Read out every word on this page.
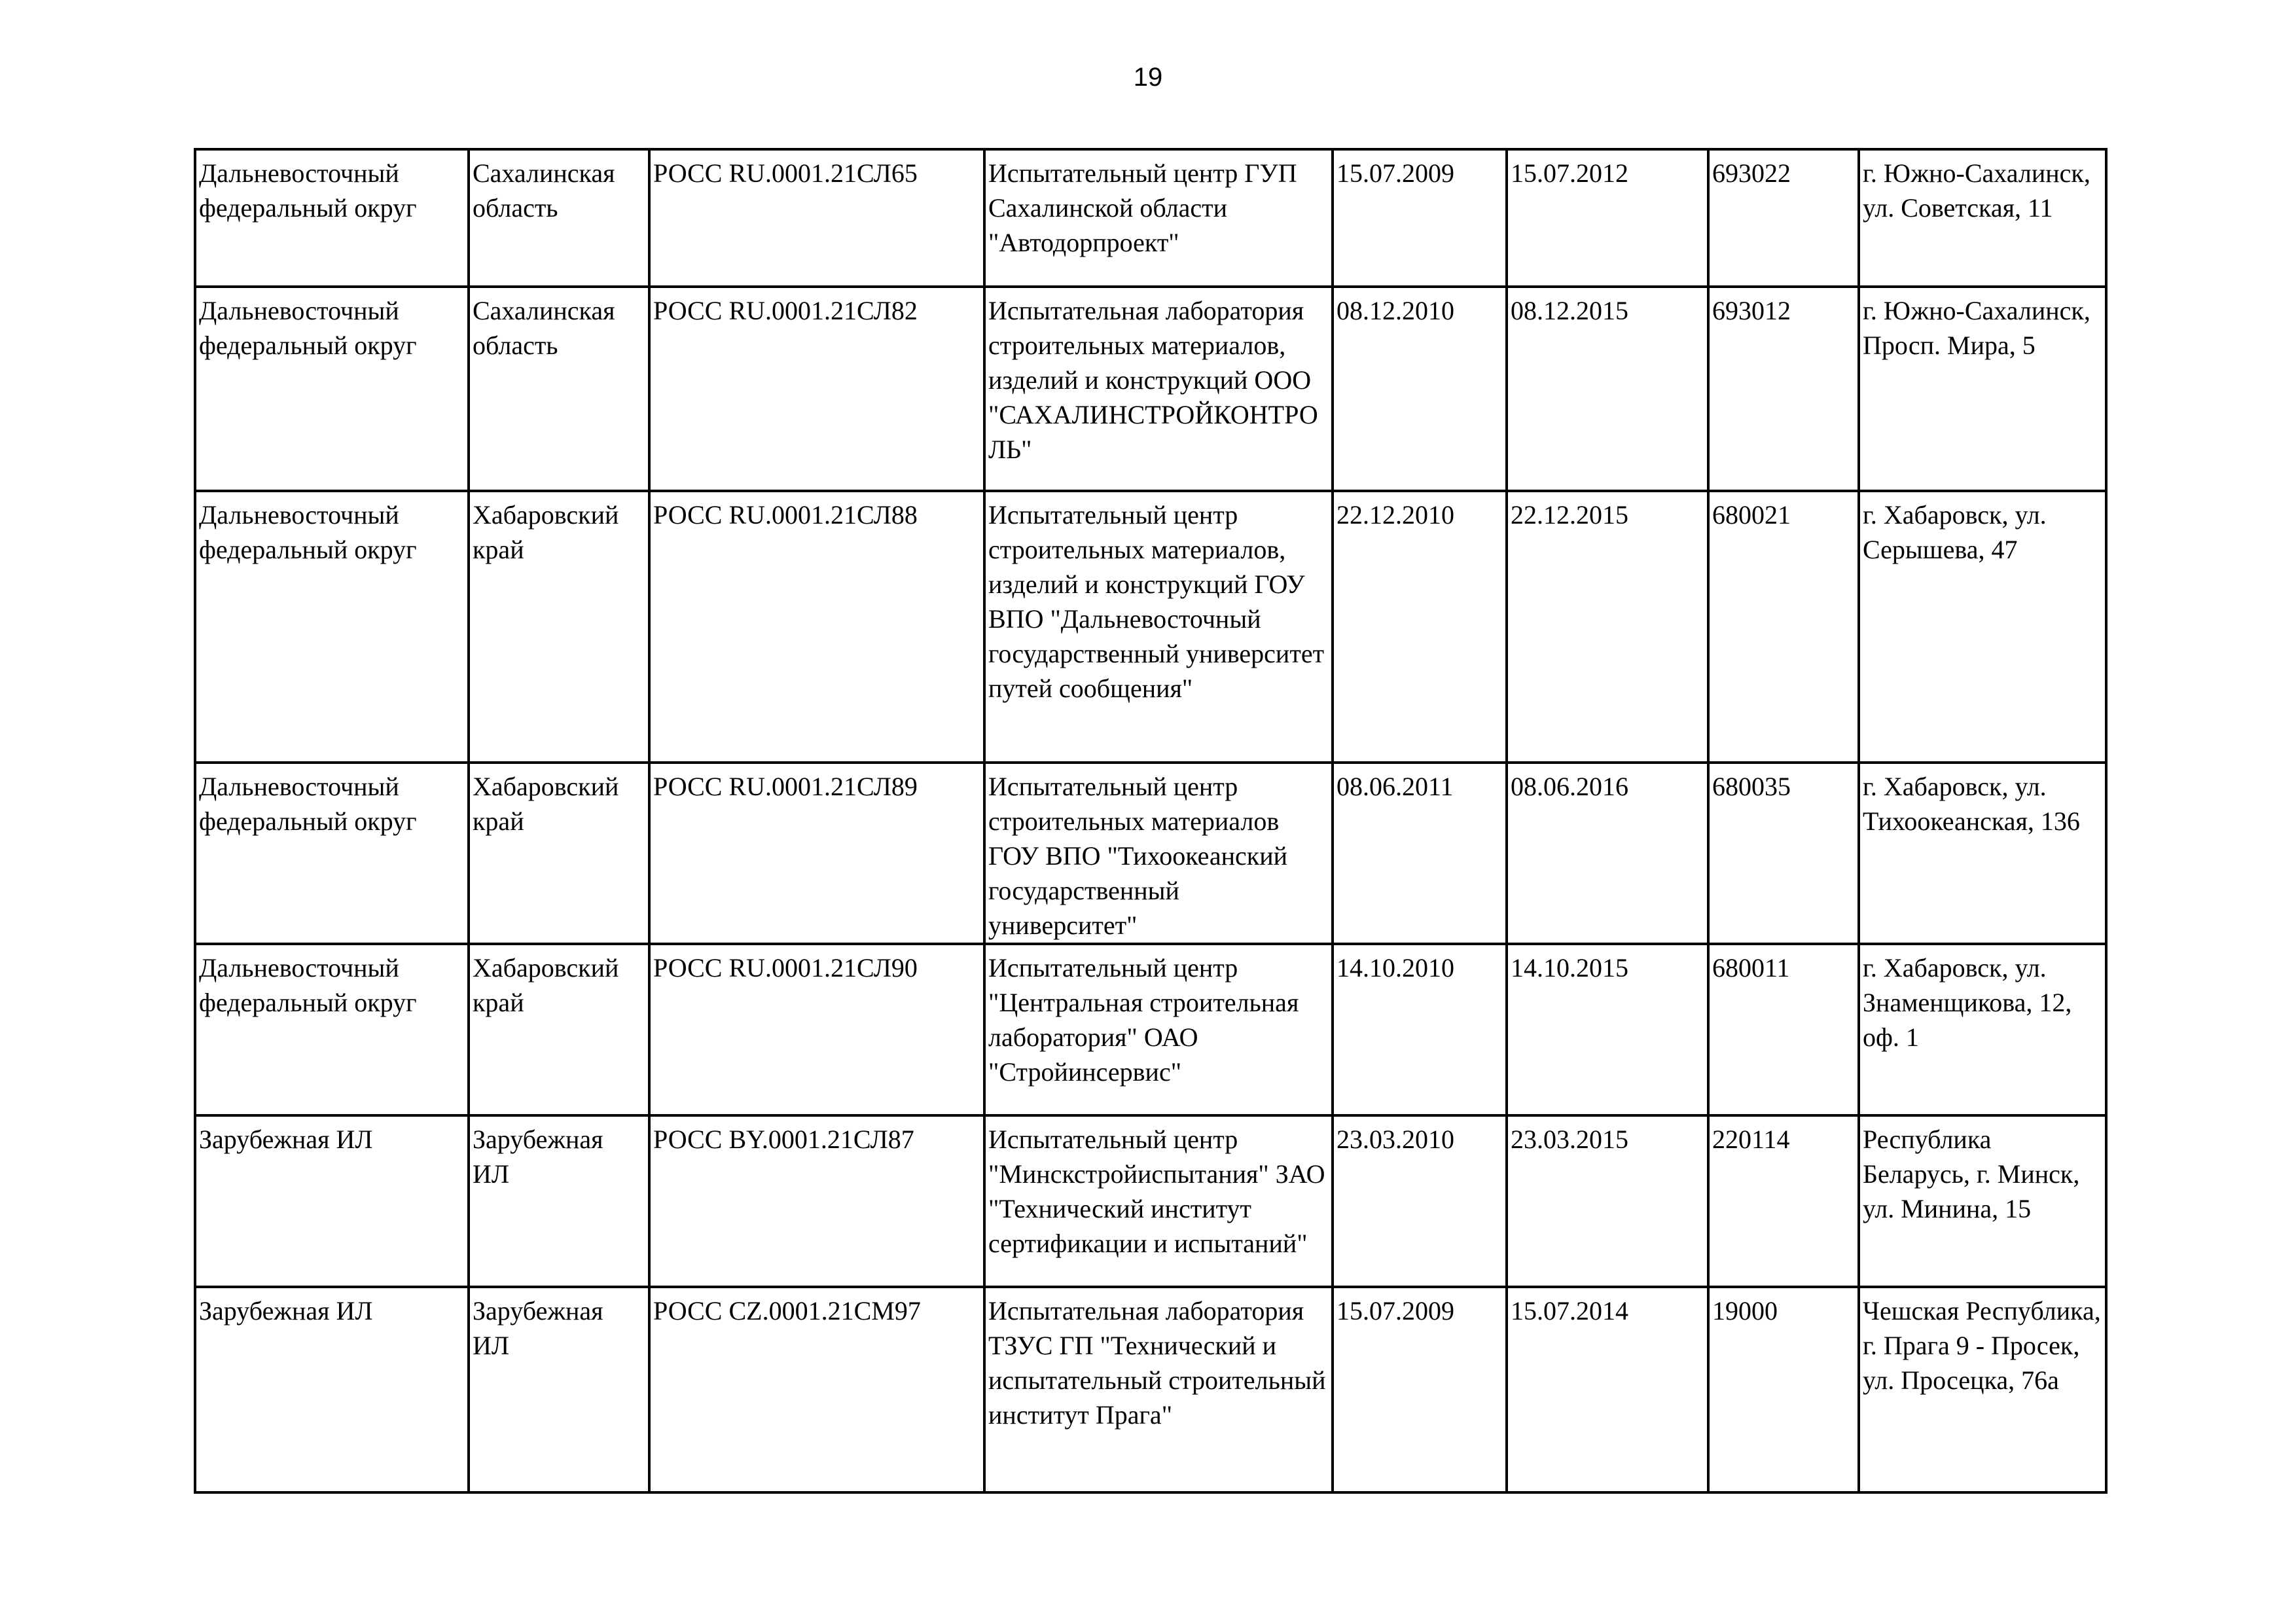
19
Дальневосточный федеральный округ	Сахалинская область	РОСС RU.0001.21СЛ65	Испытательный центр ГУП Сахалинской области "Автодорпроект"	15.07.2009	15.07.2012	693022	г. Южно-Сахалинск, ул. Советская, 11

Дальневосточный федеральный округ	Сахалинская область	РОСС RU.0001.21СЛ82	Испытательная лаборатория строительных материалов, изделий и конструкций ООО "САХАЛИНСТРОЙКОНТРОЛЬ"	08.12.2010	08.12.2015	693012	г. Южно-Сахалинск, Просп. Мира, 5

Дальневосточный федеральный округ	Хабаровский край	РОСС RU.0001.21СЛ88	Испытательный центр строительных материалов, изделий и конструкций ГОУ ВПО "Дальневосточный государственный университет путей сообщения"	22.12.2010	22.12.2015	680021	г. Хабаровск, ул. Серышева, 47

Дальневосточный федеральный округ	Хабаровский край	РОСС RU.0001.21СЛ89	Испытательный центр строительных материалов ГОУ ВПО "Тихоокеанский государственный университет"	08.06.2011	08.06.2016	680035	г. Хабаровск, ул. Тихоокеанская, 136

Дальневосточный федеральный округ	Хабаровский край	РОСС RU.0001.21СЛ90	Испытательный центр "Центральная строительная лаборатория" ОАО "Стройинсервис"	14.10.2010	14.10.2015	680011	г. Хабаровск, ул. Знаменщикова, 12, оф. 1

Зарубежная ИЛ	Зарубежная ИЛ	РОСС BY.0001.21СЛ87	Испытательный центр "Минскстройиспытания" ЗАО "Технический институт сертификации и испытаний"	23.03.2010	23.03.2015	220114	Республика Беларусь, г. Минск, ул. Минина, 15

Зарубежная ИЛ	Зарубежная ИЛ	РОСС CZ.0001.21СМ97	Испытательная лаборатория ТЗУС ГП "Технический и испытательный строительный институт Прага"	15.07.2009	15.07.2014	19000	Чешская Республика, г. Прага 9 - Просек, ул. Просецка, 76а
